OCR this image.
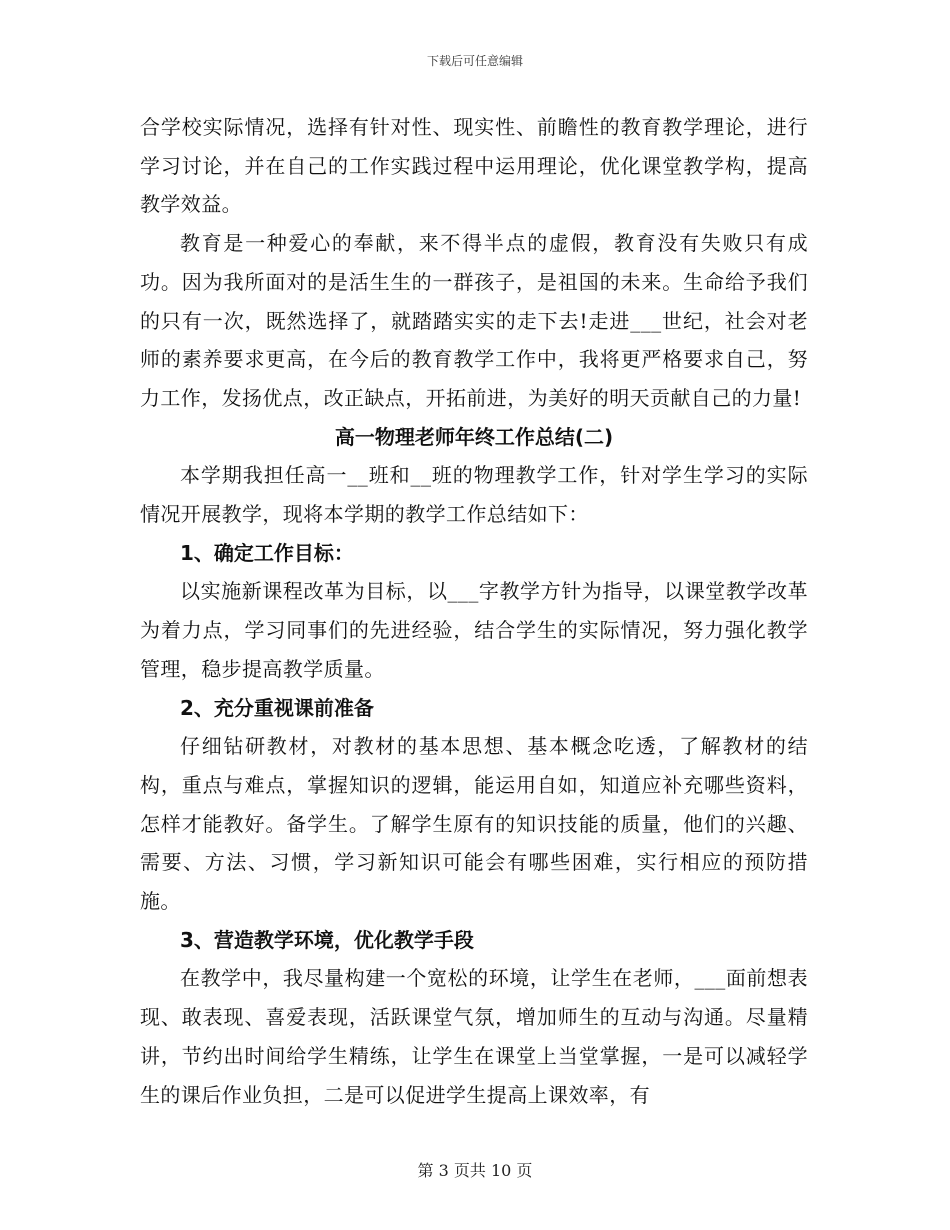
下载后可任意编辑

合学校实际情况，选择有针对性、现实性、前瞻性的教育教学理论，进行学习讨论，并在自己的工作实践过程中运用理论，优化课堂教学构，提高教学效益。

教育是一种爱心的奉献，来不得半点的虚假，教育没有失败只有成功。因为我所面对的是活生生的一群孩子，是祖国的未来。生命给予我们的只有一次，既然选择了，就踏踏实实的走下去!走进___世纪，社会对老师的素养要求更高，在今后的教育教学工作中，我将更严格要求自己，努力工作，发扬优点，改正缺点，开拓前进，为美好的明天贡献自己的力量!

高一物理老师年终工作总结(二)

本学期我担任高一__班和__班的物理教学工作，针对学生学习的实际情况开展教学，现将本学期的教学工作总结如下：

1、确定工作目标：

以实施新课程改革为目标，以___字教学方针为指导，以课堂教学改革为着力点，学习同事们的先进经验，结合学生的实际情况，努力强化教学管理，稳步提高教学质量。

2、充分重视课前准备

仔细钻研教材，对教材的基本思想、基本概念吃透，了解教材的结构，重点与难点，掌握知识的逻辑，能运用自如，知道应补充哪些资料，怎样才能教好。备学生。了解学生原有的知识技能的质量，他们的兴趣、需要、方法、习惯，学习新知识可能会有哪些困难，实行相应的预防措施。

3、营造教学环境，优化教学手段

在教学中，我尽量构建一个宽松的环境，让学生在老师，___面前想表现、敢表现、喜爱表现，活跃课堂气氛，增加师生的互动与沟通。尽量精讲，节约出时间给学生精练，让学生在课堂上当堂掌握，一是可以减轻学生的课后作业负担，二是可以促进学生提高上课效率，有

第 3 页共 10 页
